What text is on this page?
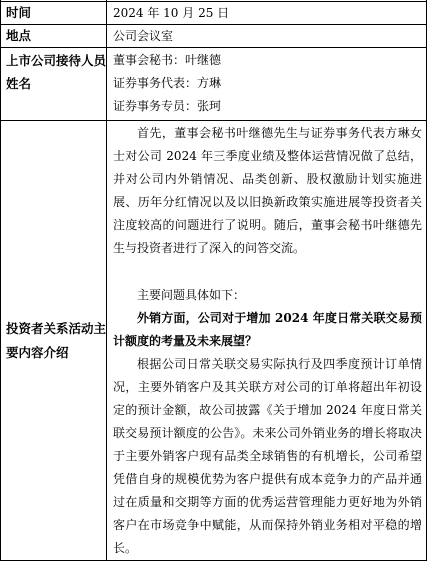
时间	2024 年 10 月 25 日
地点	公司会议室
上市公司接待人员姓名	董事会秘书：叶继德
证券事务代表：方琳
证券事务专员：张珂

投资者关系活动主要内容介绍	首先，董事会秘书叶继德先生与证券事务代表方琳女士对公司 2024 年三季度业绩及整体运营情况做了总结，并对公司内外销情况、品类创新、股权激励计划实施进展、历年分红情况以及以旧换新政策实施进展等投资者关注度较高的问题进行了说明。随后，董事会秘书叶继德先生与投资者进行了深入的问答交流。

主要问题具体如下：

外销方面，公司对于增加 2024 年度日常关联交易预计额度的考量及未来展望？

根据公司日常关联交易实际执行及四季度预计订单情况，主要外销客户及其关联方对公司的订单将超出年初设定的预计金额，故公司披露《关于增加 2024 年度日常关联交易预计额度的公告》。未来公司外销业务的增长将取决于主要外销客户现有品类全球销售的有机增长，公司希望凭借自身的规模优势为客户提供有成本竞争力的产品并通过在质量和交期等方面的优秀运营管理能力更好地为外销客户在市场竞争中赋能，从而保持外销业务相对平稳的增长。
